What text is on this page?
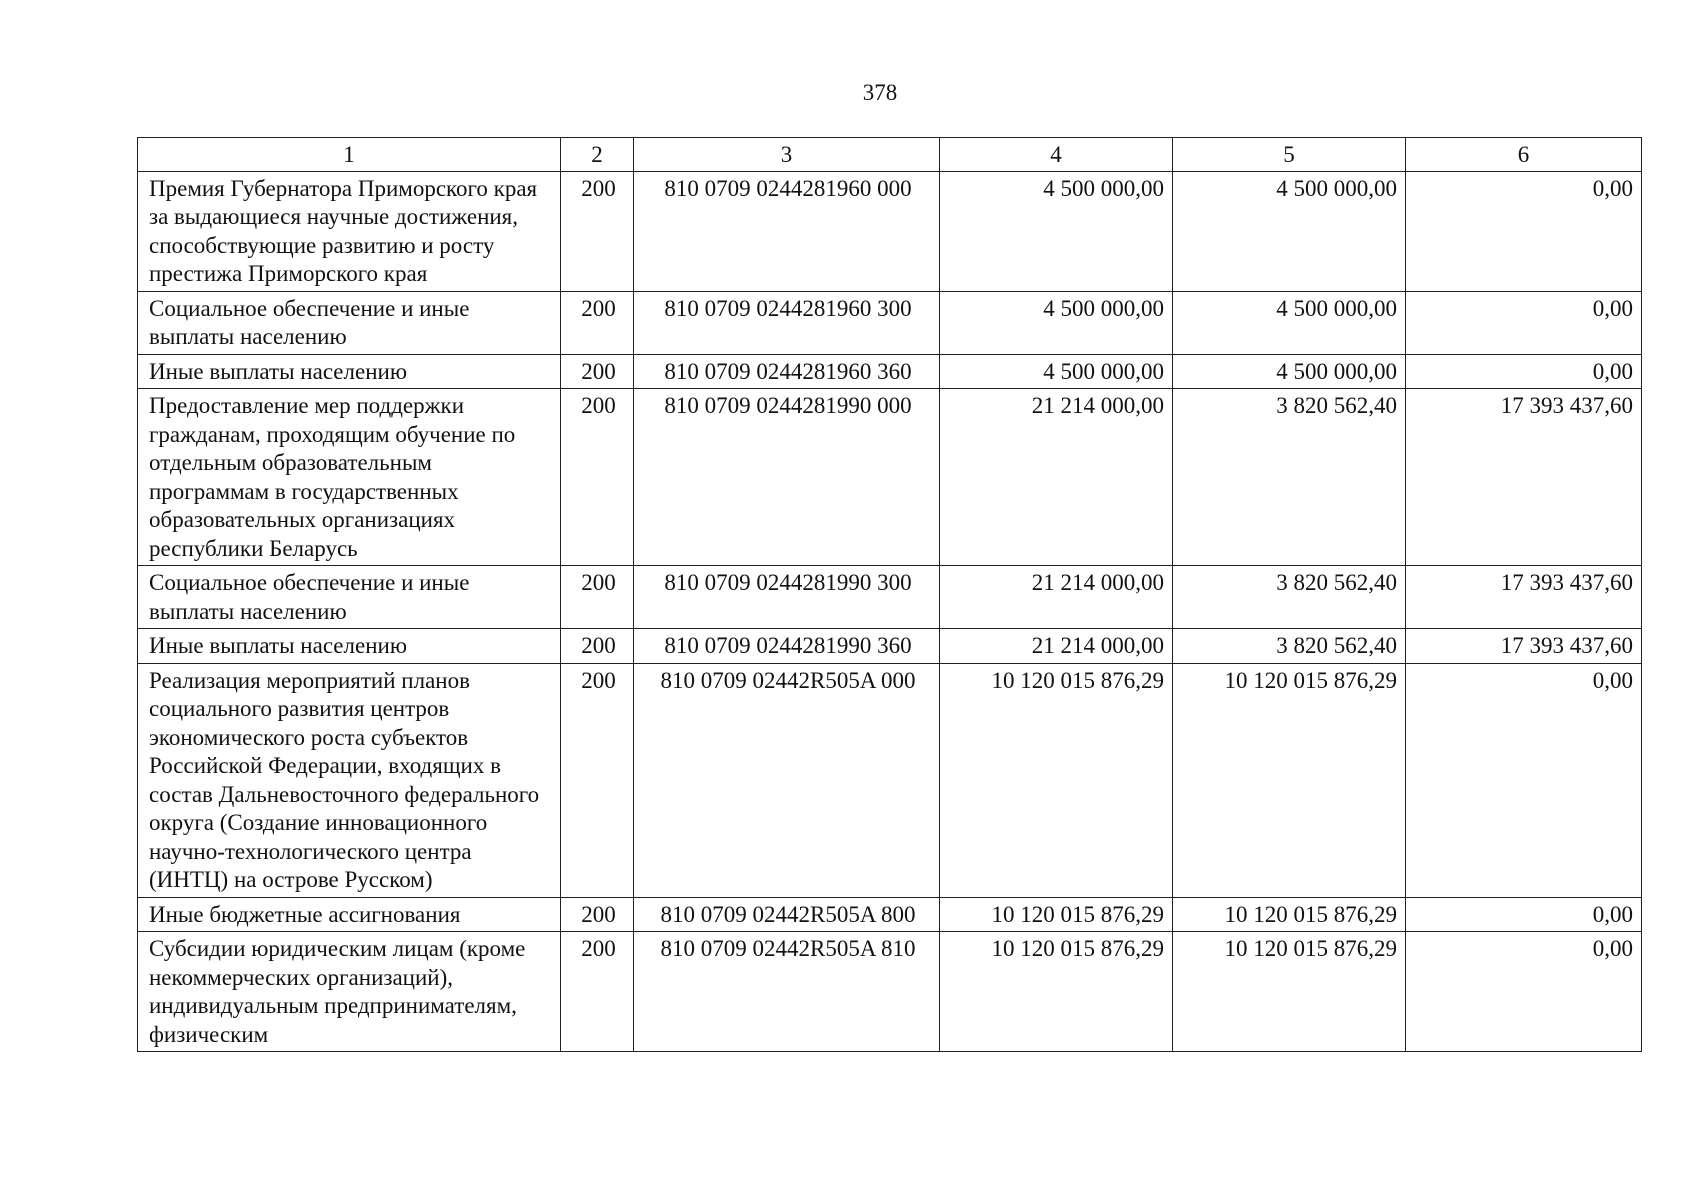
378
1	2	3	4	5	6
Премия Губернатора Приморского края за выдающиеся научные достижения, способствующие развитию и росту престижа Приморского края	200	810 0709 0244281960 000	4 500 000,00	4 500 000,00	0,00
Социальное обеспечение и иные выплаты населению	200	810 0709 0244281960 300	4 500 000,00	4 500 000,00	0,00
Иные выплаты населению	200	810 0709 0244281960 360	4 500 000,00	4 500 000,00	0,00
Предоставление мер поддержки гражданам, проходящим обучение по отдельным образовательным программам в государственных образовательных организациях республики Беларусь	200	810 0709 0244281990 000	21 214 000,00	3 820 562,40	17 393 437,60
Социальное обеспечение и иные выплаты населению	200	810 0709 0244281990 300	21 214 000,00	3 820 562,40	17 393 437,60
Иные выплаты населению	200	810 0709 0244281990 360	21 214 000,00	3 820 562,40	17 393 437,60
Реализация мероприятий планов социального развития центров экономического роста субъектов Российской Федерации, входящих в состав Дальневосточного федерального округа (Создание инновационного научно-технологического центра (ИНТЦ) на острове Русском)	200	810 0709 02442R505A 000	10 120 015 876,29	10 120 015 876,29	0,00
Иные бюджетные ассигнования	200	810 0709 02442R505A 800	10 120 015 876,29	10 120 015 876,29	0,00
Субсидии юридическим лицам (кроме некоммерческих организаций), индивидуальным предпринимателям, физическим	200	810 0709 02442R505A 810	10 120 015 876,29	10 120 015 876,29	0,00
